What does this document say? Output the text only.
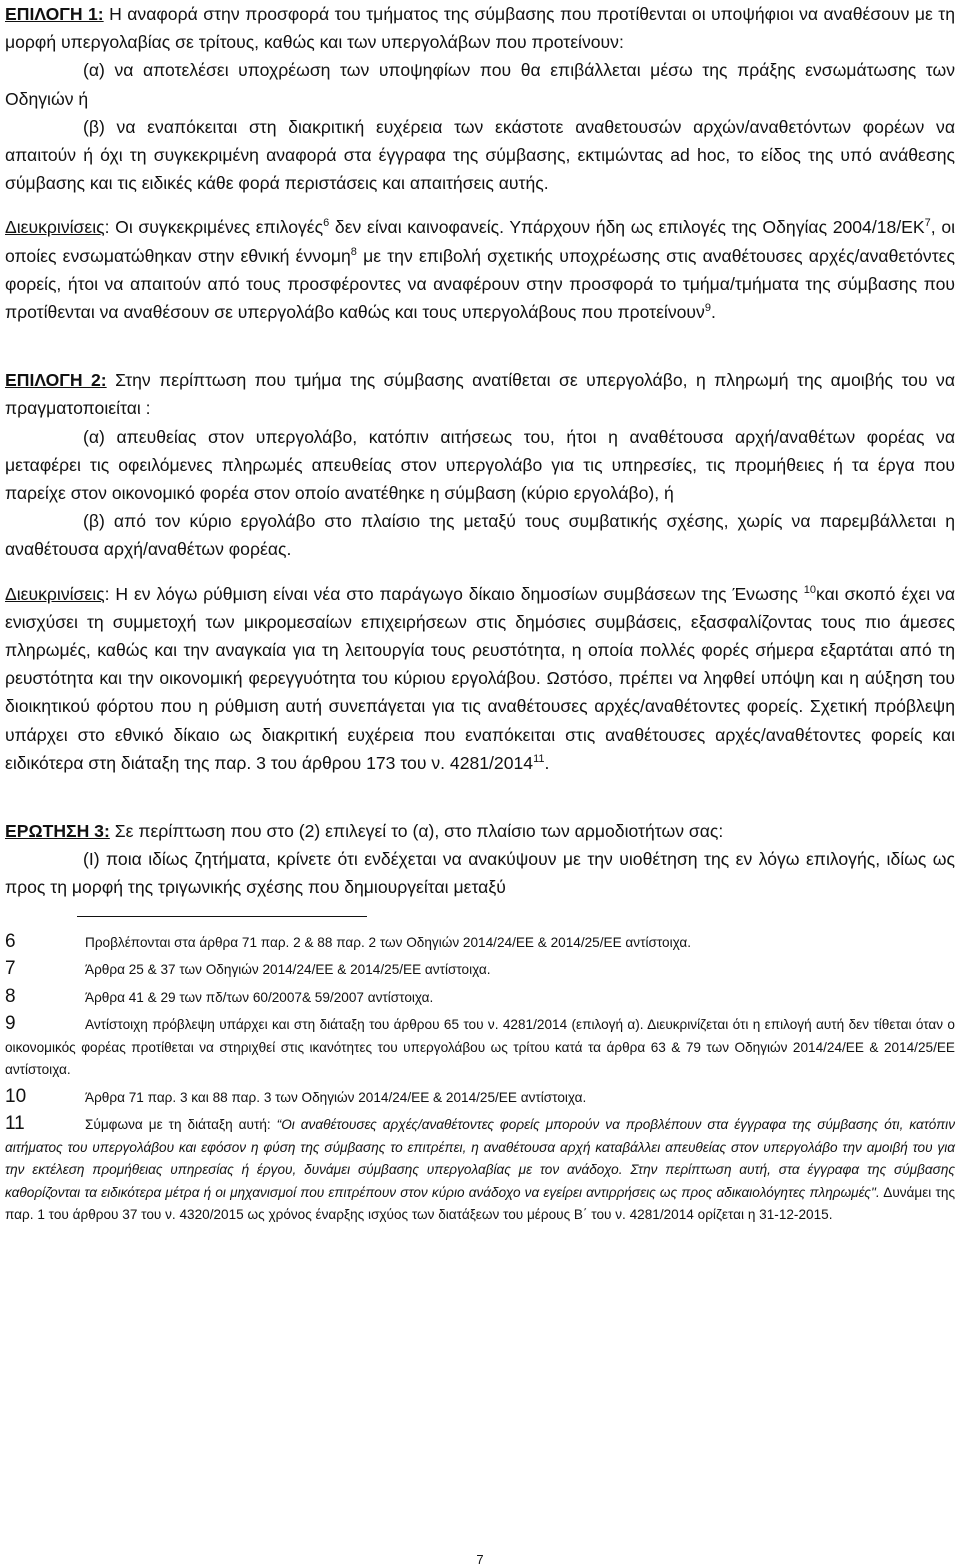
ΕΠΙΛΟΓΗ 1: Η αναφορά στην προσφορά του τμήματος της σύμβασης που προτίθενται οι υποψήφιοι να αναθέσουν με τη μορφή υπεργολαβίας σε τρίτους, καθώς και των υπεργολάβων που προτείνουν:

(α) να αποτελέσει υποχρέωση των υποψηφίων που θα επιβάλλεται μέσω της πράξης ενσωμάτωσης των Οδηγιών ή

(β) να εναπόκειται στη διακριτική ευχέρεια των εκάστοτε αναθετουσών αρχών/αναθετόντων φορέων να απαιτούν ή όχι τη συγκεκριμένη αναφορά στα έγγραφα της σύμβασης, εκτιμώντας ad hoc, το είδος της υπό ανάθεσης σύμβασης και τις ειδικές κάθε φορά περιστάσεις και απαιτήσεις αυτής.

Διευκρινίσεις: Οι συγκεκριμένες επιλογές$^6$ δεν είναι καινοφανείς. Υπάρχουν ήδη ως επιλογές της Οδηγίας $2004/18/EK^7$, οι οποίες ενσωματώθηκαν στην εθνική έννομη$^8$ με την επιβολή σχετικής υποχρέωσης στις αναθέτουσες αρχές/αναθετόντες φορείς, ήτοι να απαιτούν από τους προσφέροντες να αναφέρουν στην προσφορά το τμήμα/τμήματα της σύμβασης που προτίθενται να αναθέσουν σε υπεργολάβο καθώς και τους υπεργολάβους που προτείνουν$^9$.

ΕΠΙΛΟΓΗ 2: Στην περίπτωση που τμήμα της σύμβασης ανατίθεται σε υπεργολάβο, η πληρωμή της αμοιβής του να πραγματοποιείται :

(α) απευθείας στον υπεργολάβο, κατόπιν αιτήσεως του, ήτοι η αναθέτουσα αρχή/αναθέτων φορέας να μεταφέρει τις οφειλόμενες πληρωμές απευθείας στον υπεργολάβο για τις υπηρεσίες, τις προμήθειες ή τα έργα που παρείχε στον οικονομικό φορέα στον οποίο ανατέθηκε η σύμβαση (κύριο εργολάβο), ή

(β) από τον κύριο εργολάβο στο πλαίσιο της μεταξύ τους συμβατικής σχέσης, χωρίς να παρεμβάλλεται η αναθέτουσα αρχή/αναθέτων φορέας.

Διευκρινίσεις: Η εν λόγω ρύθμιση είναι νέα στο παράγωγο δίκαιο δημοσίων συμβάσεων της Ένωσης $^{10}$και σκοπό έχει να ενισχύσει τη συμμετοχή των μικρομεσαίων επιχειρήσεων στις δημόσιες συμβάσεις, εξασφαλίζοντας τους πιο άμεσες πληρωμές, καθώς και την αναγκαία για τη λειτουργία τους ρευστότητα, η οποία πολλές φορές σήμερα εξαρτάται από τη ρευστότητα και την οικονομική φερεγγυότητα του κύριου εργολάβου. Ωστόσο, πρέπει να ληφθεί υπόψη και η αύξηση του διοικητικού φόρτου που η ρύθμιση αυτή συνεπάγεται για τις αναθέτουσες αρχές/αναθέτοντες φορείς. Σχετική πρόβλεψη υπάρχει στο εθνικό δίκαιο ως διακριτική ευχέρεια που εναπόκειται στις αναθέτουσες αρχές/αναθέτοντες φορείς και ειδικότερα στη διάταξη της παρ. 3 του άρθρου 173 του ν. 4281/2014$^{11}$.

ΕΡΩΤΗΣΗ 3: Σε περίπτωση που στο (2) επιλεγεί το (α), στο πλαίσιο των αρμοδιοτήτων σας:

(Ι) ποια ιδίως ζητήματα, κρίνετε ότι ενδέχεται να ανακύψουν με την υιοθέτηση της εν λόγω επιλογής, ιδίως ως προς τη μορφή της τριγωνικής σχέσης που δημιουργείται μεταξύ

6	Προβλέπονται στα άρθρα 71 παρ. 2 & 88 παρ. 2 των Οδηγιών 2014/24/ΕΕ & 2014/25/ΕΕ αντίστοιχα.

7	Άρθρα 25 & 37 των Οδηγιών 2014/24/ΕΕ & 2014/25/ΕΕ αντίστοιχα.

8	Άρθρα 41 & 29 των πδ/των 60/2007& 59/2007 αντίστοιχα.

9	Αντίστοιχη πρόβλεψη υπάρχει και στη διάταξη του άρθρου 65 του ν. 4281/2014 (επιλογή α). Διευκρινίζεται ότι η επιλογή αυτή δεν τίθεται όταν ο οικονομικός φορέας προτίθεται να στηριχθεί στις ικανότητες του υπεργολάβου ως τρίτου κατά τα άρθρα 63 & 79 των Οδηγιών 2014/24/ΕΕ & 2014/25/ΕΕ αντίστοιχα.

10	Άρθρα 71 παρ. 3 και 88 παρ. 3 των Οδηγιών 2014/24/ΕΕ & 2014/25/ΕΕ αντίστοιχα.

11	Σύμφωνα με τη διάταξη αυτή: “Οι αναθέτουσες αρχές/αναθέτοντες φορείς μπορούν να προβλέπουν στα έγγραφα της σύμβασης ότι, κατόπιν αιτήματος του υπεργολάβου και εφόσον η φύση της σύμβασης το επιτρέπει, η αναθέτουσα αρχή καταβάλλει απευθείας στον υπεργολάβο την αμοιβή του για την εκτέλεση προμήθειας υπηρεσίας ή έργου, δυνάμει σύμβασης υπεργολαβίας με τον ανάδοχο. Στην περίπτωση αυτή, στα έγγραφα της σύμβασης καθορίζονται τα ειδικότερα μέτρα ή οι μηχανισμοί που επιτρέπουν στον κύριο ανάδοχο να εγείρει αντιρρήσεις ως προς αδικαιολόγητες πληρωμές''. Δυνάμει της παρ. 1 του άρθρου 37 του ν. 4320/2015 ως χρόνος έναρξης ισχύος των διατάξεων του μέρους Β΄ του ν. 4281/2014 ορίζεται η 31-12-2015.

7
